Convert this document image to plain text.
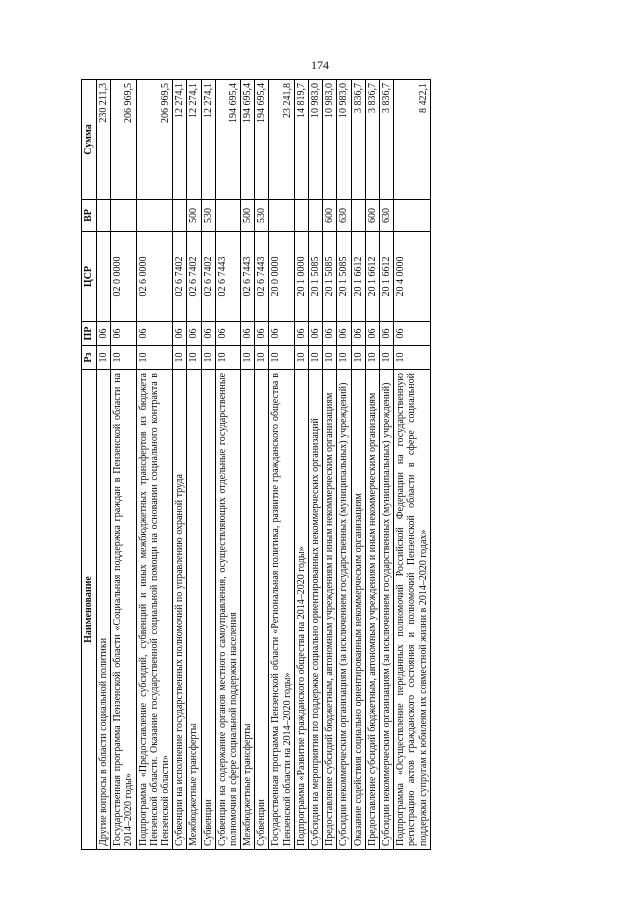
174
Наименование	Рз	ПР	ЦСР	ВР	Сумма
Другие вопросы в области социальной политики	10	06			230 211,3
Государственная программа Пензенской области «Социальная поддержка граждан в Пензенской области на 2014–2020 годы»	10	06	02 0 0000		206 969,5
Подпрограмма «Предоставление субсидий, субвенций и иных межбюджетных трансфертов из бюджета Пензенской области. Оказание государственной социальной помощи на основании социального контракта в Пензенской области»	10	06	02 6 0000		206 969,5
Субвенции на исполнение государственных полномочий по управлению охраной труда	10	06	02 6 7402		12 274,1
Межбюджетные трансферты	10	06	02 6 7402	500	12 274,1
Субвенции	10	06	02 6 7402	530	12 274,1
Субвенции на содержание органов местного самоуправления, осуществляющих отдельные государственные полномочия в сфере социальной поддержки населения	10	06	02 6 7443		194 695,4
Межбюджетные трансферты	10	06	02 6 7443	500	194 695,4
Субвенции	10	06	02 6 7443	530	194 695,4
Государственная программа Пензенской области «Региональная политика, развитие гражданского общества в Пензенской области на 2014–2020 годы»	10	06	20 0 0000		23 241,8
Подпрограмма «Развитие гражданского общества на 2014–2020 годы»	10	06	20 1 0000		14 819,7
Субсидии на мероприятия по поддержке социально ориентированных некоммерческих организаций	10	06	20 1 5085		10 983,0
Предоставление субсидий бюджетным, автономным учреждениям и иным некоммерческим организациям	10	06	20 1 5085	600	10 983,0
Субсидии некоммерческим организациям (за исключением государственных (муниципальных) учреждений)	10	06	20 1 5085	630	10 983,0
Оказание содействия социально ориентированным некоммерческим организациям	10	06	20 1 6612		3 836,7
Предоставление субсидий бюджетным, автономным учреждениям и иным некоммерческим организациям	10	06	20 1 6612	600	3 836,7
Субсидии некоммерческим организациям (за исключением государственных (муниципальных) учреждений)	10	06	20 1 6612	630	3 836,7
Подпрограмма «Осуществление переданных полномочий Российской Федерации на государственную регистрацию актов гражданского состояния и полномочий Пензенской области в сфере социальной поддержки супругам к юбилеям их совместной жизни в 2014–2020 годах»	10	06	20 4 0000		8 422,1
